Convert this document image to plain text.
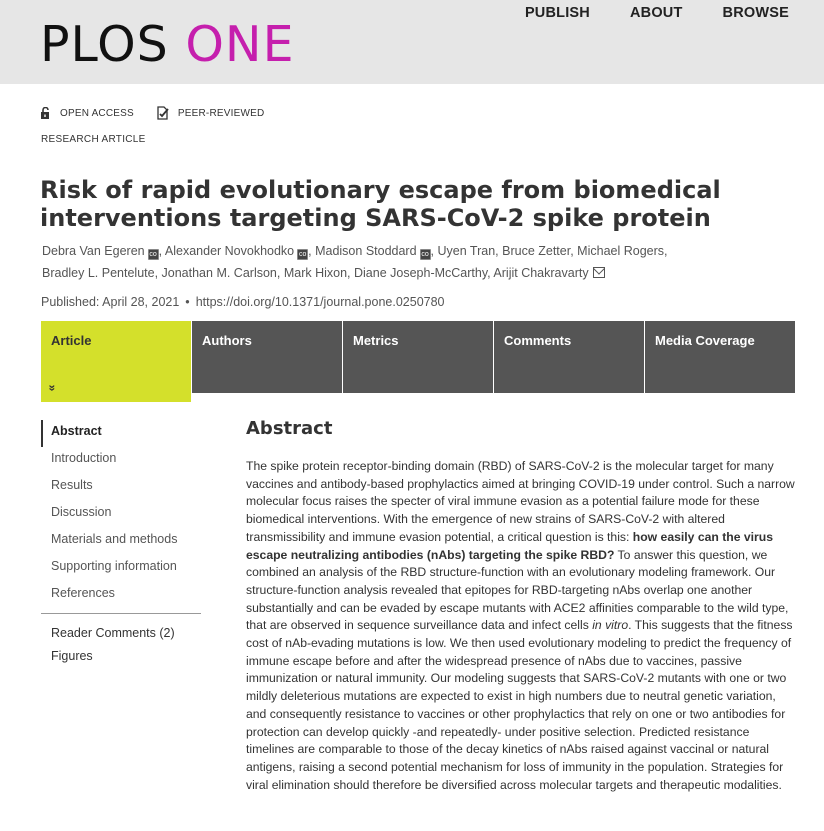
PLOS ONE
PUBLISH	ABOUT	BROWSE
OPEN ACCESS	PEER-REVIEWED
RESEARCH ARTICLE
Risk of rapid evolutionary escape from biomedical interventions targeting SARS-CoV-2 spike protein
Debra Van Egeren co , Alexander Novokhodko co , Madison Stoddard co , Uyen Tran, Bruce Zetter, Michael Rogers, Bradley L. Pentelute, Jonathan M. Carlson, Mark Hixon, Diane Joseph-McCarthy, Arijit Chakravarty
Published: April 28, 2021 • https://doi.org/10.1371/journal.pone.0250780
Article
»
Authors	Metrics	Comments	Media Coverage
Abstract
Introduction
Results
Discussion
Materials and methods
Supporting information
References
Reader Comments (2)
Figures
Abstract
The spike protein receptor-binding domain (RBD) of SARS-CoV-2 is the molecular target for many vaccines and antibody-based prophylactics aimed at bringing COVID-19 under control. Such a narrow molecular focus raises the specter of viral immune evasion as a potential failure mode for these biomedical interventions. With the emergence of new strains of SARS-CoV-2 with altered transmissibility and immune evasion potential, a critical question is this: how easily can the virus escape neutralizing antibodies (nAbs) targeting the spike RBD? To answer this question, we combined an analysis of the RBD structure-function with an evolutionary modeling framework. Our structure-function analysis revealed that epitopes for RBD-targeting nAbs overlap one another substantially and can be evaded by escape mutants with ACE2 affinities comparable to the wild type, that are observed in sequence surveillance data and infect cells in vitro. This suggests that the fitness cost of nAb-evading mutations is low. We then used evolutionary modeling to predict the frequency of immune escape before and after the widespread presence of nAbs due to vaccines, passive immunization or natural immunity. Our modeling suggests that SARS-CoV-2 mutants with one or two mildly deleterious mutations are expected to exist in high numbers due to neutral genetic variation, and consequently resistance to vaccines or other prophylactics that rely on one or two antibodies for protection can develop quickly -and repeatedly- under positive selection. Predicted resistance timelines are comparable to those of the decay kinetics of nAbs raised against vaccinal or natural antigens, raising a second potential mechanism for loss of immunity in the population. Strategies for viral elimination should therefore be diversified across molecular targets and therapeutic modalities.
